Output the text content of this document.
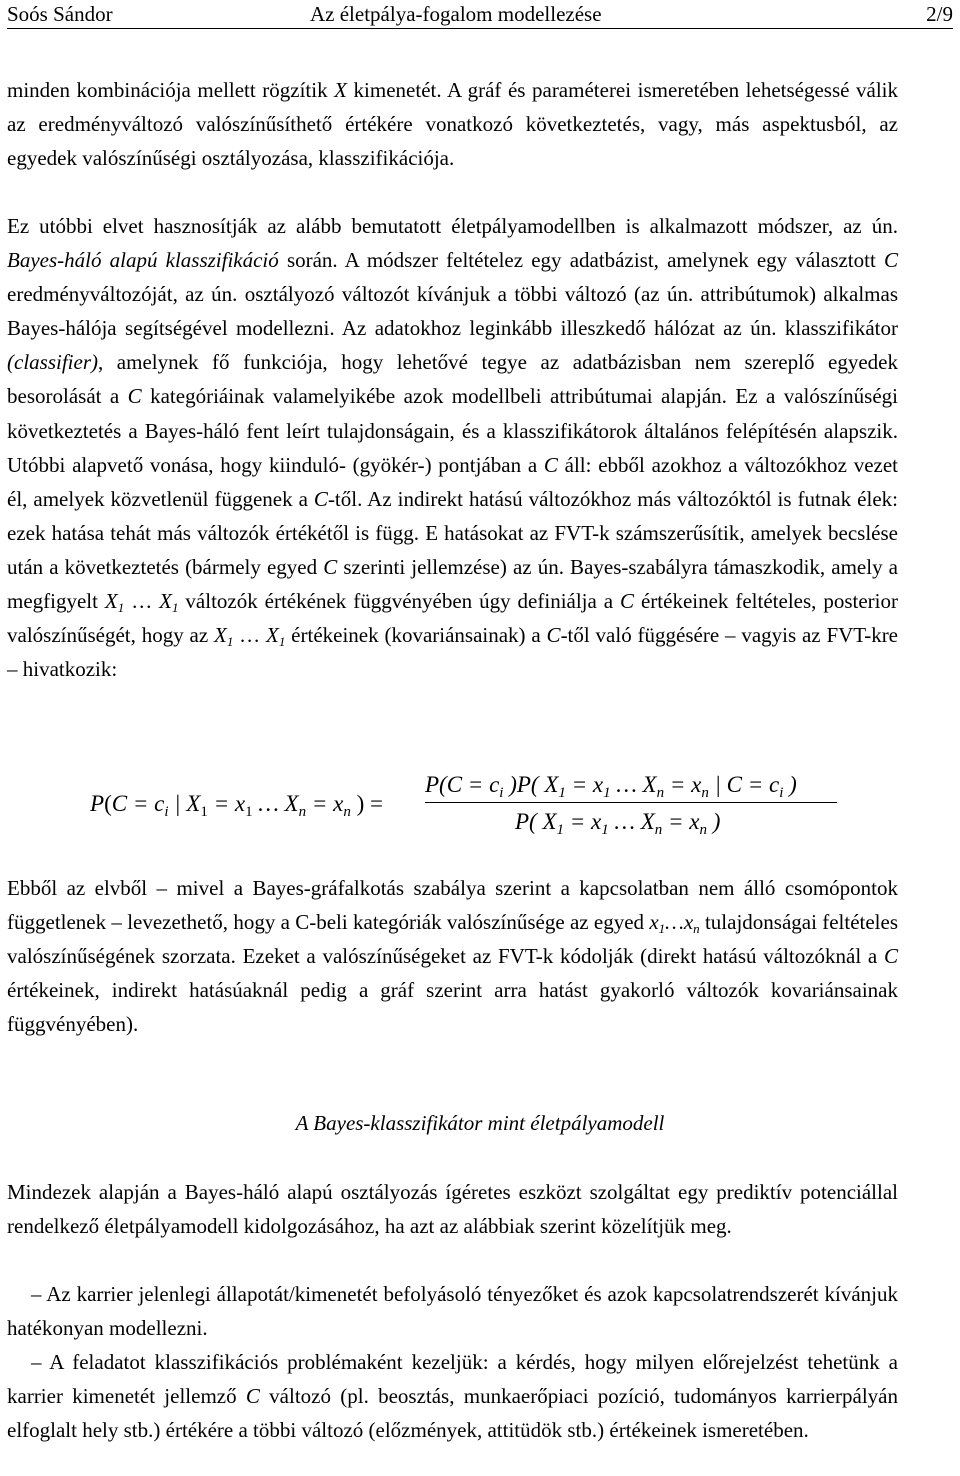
Soós Sándor	Az életpálya-fogalom modellezése	2/9

minden kombinációja mellett rögzítik X kimenetét. A gráf és paraméterei ismeretében lehetségessé válik az eredményváltozó valószínűsíthető értékére vonatkozó következtetés, vagy, más aspektusból, az egyedek valószínűségi osztályozása, klasszifikációja.

Ez utóbbi elvet hasznosítják az alább bemutatott életpályamodellben is alkalmazott módszer, az ún. Bayes-háló alapú klasszifikáció során. A módszer feltételez egy adatbázist, amelynek egy választott C eredményváltozóját, az ún. osztályozó változót kívánjuk a többi változó (az ún. attribútumok) alkalmas Bayes-hálója segítségével modellezni. Az adatokhoz leginkább illeszkedő hálózat az ún. klasszifikátor (classifier), amelynek fő funkciója, hogy lehetővé tegye az adatbázisban nem szereplő egyedek besorolását a C kategóriáinak valamelyikébe azok modellbeli attribútumai alapján. Ez a valószínűségi következtetés a Bayes-háló fent leírt tulajdonságain, és a klasszifikátorok általános felépítésén alapszik. Utóbbi alapvető vonása, hogy kiinduló- (gyökér-) pontjában a C áll: ebből azokhoz a változókhoz vezet él, amelyek közvetlenül függenek a C-től. Az indirekt hatású változókhoz más változóktól is futnak élek: ezek hatása tehát más változók értékétől is függ. E hatásokat az FVT-k számszerűsítik, amelyek becslése után a következtetés (bármely egyed C szerinti jellemzése) az ún. Bayes-szabályra támaszkodik, amely a megfigyelt $X_1$ … $X_1$ változók értékének függvényében úgy definiálja a C értékeinek feltételes, posterior valószínűségét, hogy az $X_1$ … $X_1$ értékeinek (kovariánsainak) a C-től való függésére – vagyis az FVT-kre – hivatkozik:

$P(C = c_i$ | $X_1 = x_1$ … $X_n = x_n$ ) =
$P(C = c_i$ )P( $X_1 = x_1$ … $X_n = x_n$ | $C = c_i$ )
P( $X_1 = x_1$ … $X_n = x_n$ )

Ebből az elvből – mivel a Bayes-gráfalkotás szabálya szerint a kapcsolatban nem álló csomópontok függetlenek – levezethető, hogy a C-beli kategóriák valószínűsége az egyed $x_1\dots x_n$ tulajdonságai feltételes valószínűségének szorzata. Ezeket a valószínűségeket az FVT-k kódolják (direkt hatású változóknál a C értékeinek, indirekt hatásúaknál pedig a gráf szerint arra hatást gyakorló változók kovariánsainak függvényében).

A Bayes-klasszifikátor mint életpályamodell

Mindezek alapján a Bayes-háló alapú osztályozás ígéretes eszközt szolgáltat egy prediktív potenciállal rendelkező életpályamodell kidolgozásához, ha azt az alábbiak szerint közelítjük meg.

– Az karrier jelenlegi állapotát/kimenetét befolyásoló tényezőket és azok kapcsolatrendszerét kívánjuk hatékonyan modellezni.

– A feladatot klasszifikációs problémaként kezeljük: a kérdés, hogy milyen előrejelzést tehetünk a karrier kimenetét jellemző C változó (pl. beosztás, munkaerőpiaci pozíció, tudományos karrierpályán elfoglalt hely stb.) értékére a többi változó (előzmények, attitüdök stb.) értékeinek ismeretében.
